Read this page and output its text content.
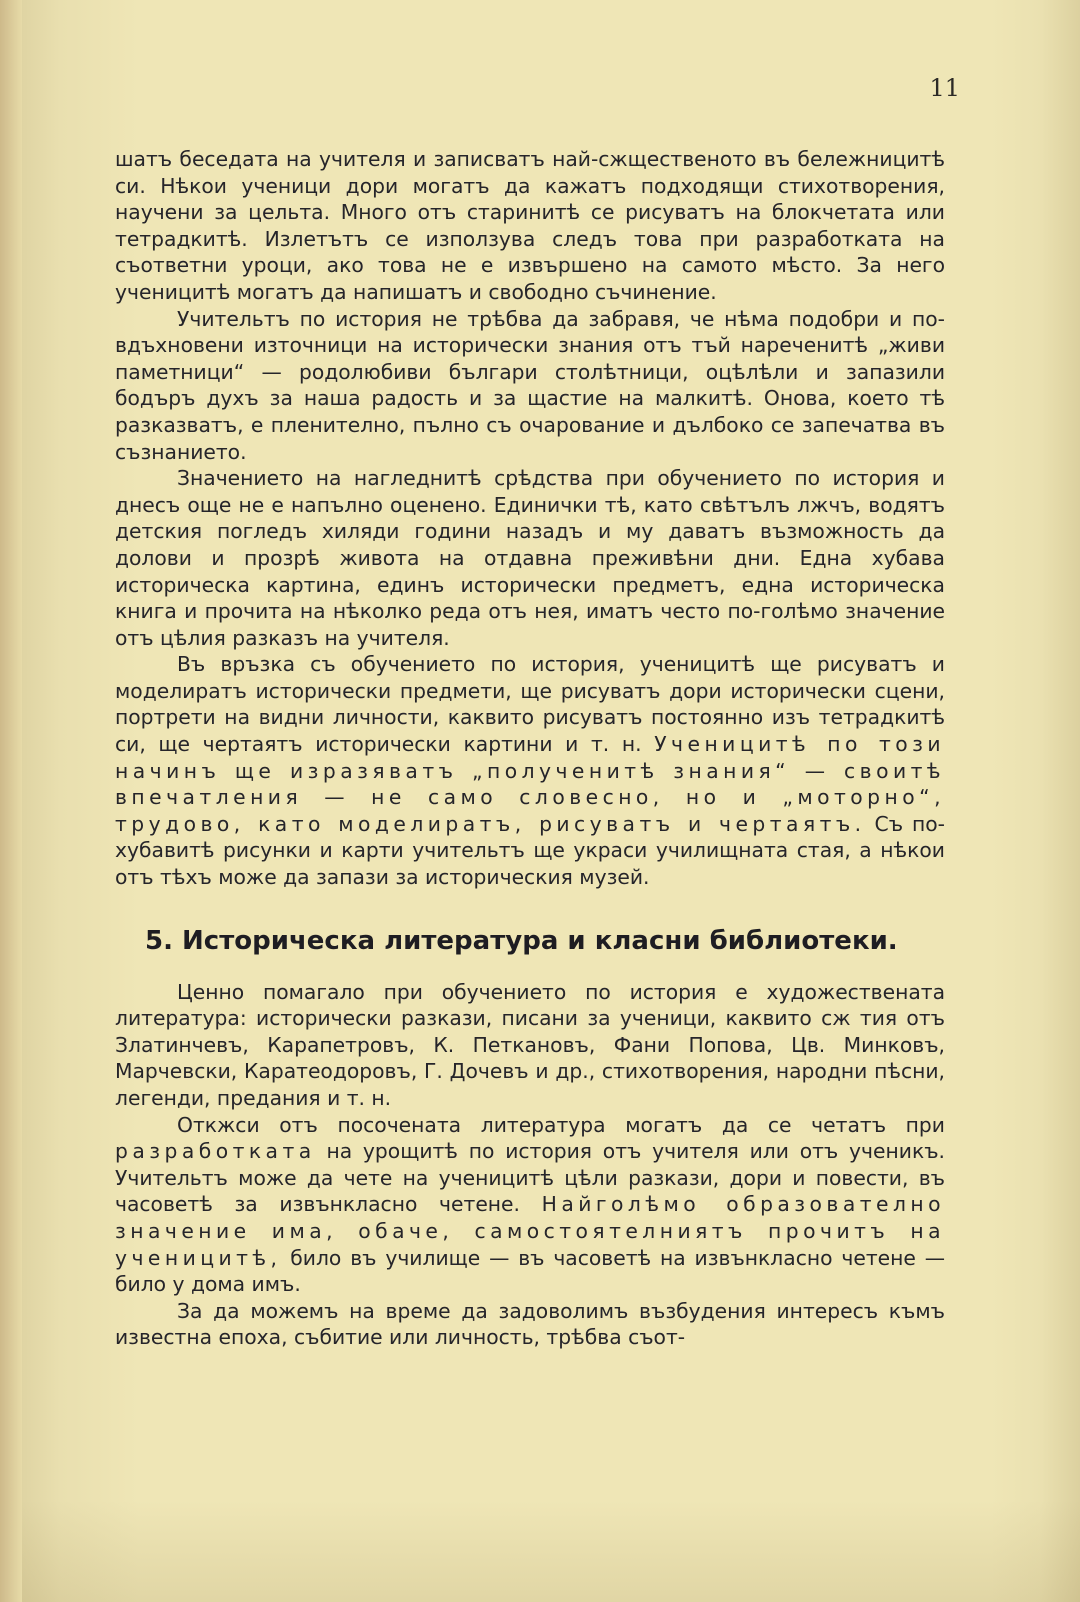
11

шатъ беседата на учителя и записватъ най-сжщественото въ бележницитѣ си. Нѣкои ученици дори могатъ да кажатъ подходящи стихотворения, научени за цельта. Много отъ старинитѣ се рисуватъ на блокчетата или тетрадкитѣ. Излетътъ се използува следъ това при разработката на съответни уроци, ако това не е извършено на самото мѣсто. За него ученицитѣ могатъ да напишатъ и свободно съчинение.

Учительтъ по история не трѣбва да забравя, че нѣма подобри и по-вдъхновени източници на исторически знания отъ тъй нареченитѣ „живи паметници“ — родолюбиви българи столѣтници, оцѣлѣли и запазили бодъръ духъ за наша радость и за щастие на малкитѣ. Онова, което тѣ разказватъ, е пленително, пълно съ очарование и дълбоко се запечатва въ съзнанието.

Значението на нагледнитѣ срѣдства при обучението по история и днесъ още не е напълно оценено. Единички тѣ, като свѣтълъ лжчъ, водятъ детския погледъ хиляди години назадъ и му даватъ възможность да долови и прозрѣ живота на отдавна преживѣни дни. Една хубава историческа картина, единъ исторически предметъ, една историческа книга и прочита на нѣколко реда отъ нея, иматъ често по-голѣмо значение отъ цѣлия разказъ на учителя.

Въ връзка съ обучението по история, ученицитѣ ще рисуватъ и моделиратъ исторически предмети, ще рисуватъ дори исторически сцени, портрети на видни личности, каквито рисуватъ постоянно изъ тетрадкитѣ си, ще чертаятъ исторически картини и т. н. Ученицитѣ по този начинъ ще изразяватъ „полученитѣ знания“ — своитѣ впечатления — не само словесно, но и „моторно“, трудово, като моделиратъ, рисуватъ и чертаятъ. Съ по-хубавитѣ рисунки и карти учительтъ ще украси училищната стая, а нѣкои отъ тѣхъ може да запази за историческия музей.

5. Историческа литература и класни библиотеки.

Ценно помагало при обучението по история е художествената литература: исторически разкази, писани за ученици, каквито сж тия отъ Златинчевъ, Карапетровъ, К. Петкановъ, Фани Попова, Цв. Минковъ, Марчевски, Каратеодоровъ, Г. Дочевъ и др., стихотворения, народни пѣсни, легенди, предания и т. н.

Откжси отъ посочената литература могатъ да се четатъ при разработката на урощитѣ по история отъ учителя или отъ ученикъ. Учительтъ може да чете на ученицитѣ цѣли разкази, дори и повести, въ часоветѣ за извънкласно четене. Найголѣмо образователно значение има, обаче, самостоятелниятъ прочитъ на ученицитѣ, било въ училище — въ часоветѣ на извънкласно четене — било у дома имъ.

За да можемъ на време да задоволимъ възбудения интересъ къмъ известна епоха, събитие или личность, трѣбва съот-
